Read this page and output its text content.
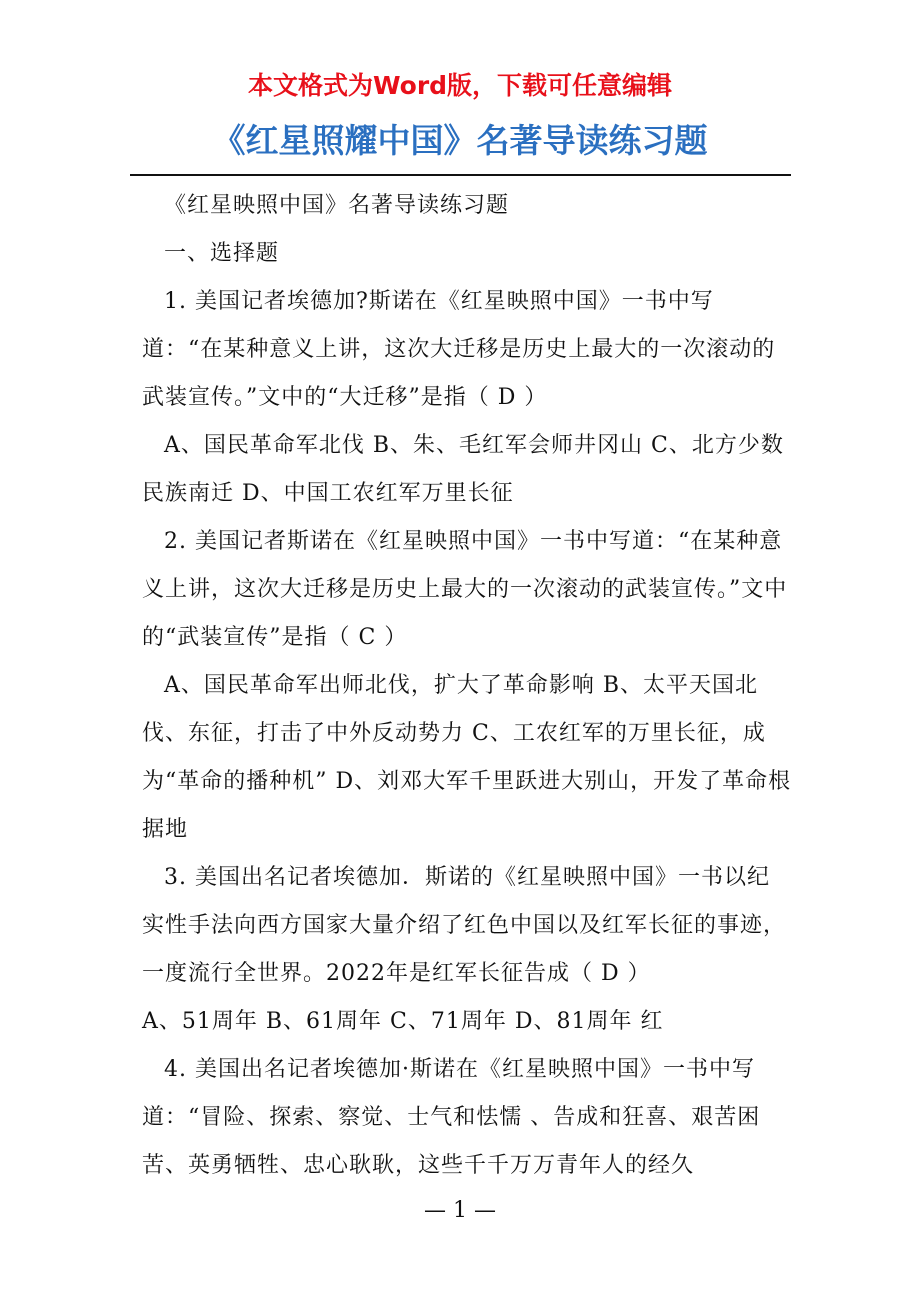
本文格式为Word版，下载可任意编辑
《红星照耀中国》名著导读练习题

《红星映照中国》名著导读练习题

一、选择题

1. 美国记者埃德加?斯诺在《红星映照中国》一书中写道：“在某种意义上讲，这次大迁移是历史上最大的一次滚动的武装宣传。”文中的“大迁移”是指（ D ）

A、国民革命军北伐 B、朱、毛红军会师井冈山 C、北方少数民族南迁 D、中国工农红军万里长征

2. 美国记者斯诺在《红星映照中国》一书中写道：“在某种意义上讲，这次大迁移是历史上最大的一次滚动的武装宣传。”文中的“武装宣传”是指（ C ）

A、国民革命军出师北伐，扩大了革命影响 B、太平天国北伐、东征，打击了中外反动势力 C、工农红军的万里长征，成为“革命的播种机” D、刘邓大军千里跃进大别山，开发了革命根据地

3. 美国出名记者埃德加．斯诺的《红星映照中国》一书以纪实性手法向西方国家大量介绍了红色中国以及红军长征的事迹，一度流行全世界。2022年是红军长征告成（ D ）

A、51周年 B、61周年 C、71周年 D、81周年 红

4. 美国出名记者埃德加·斯诺在《红星映照中国》一书中写道：“冒险、探索、察觉、士气和怯懦 、告成和狂喜、艰苦困苦、英勇牺牲、忠心耿耿，这些千千万万青年人的经久

— 1 —
